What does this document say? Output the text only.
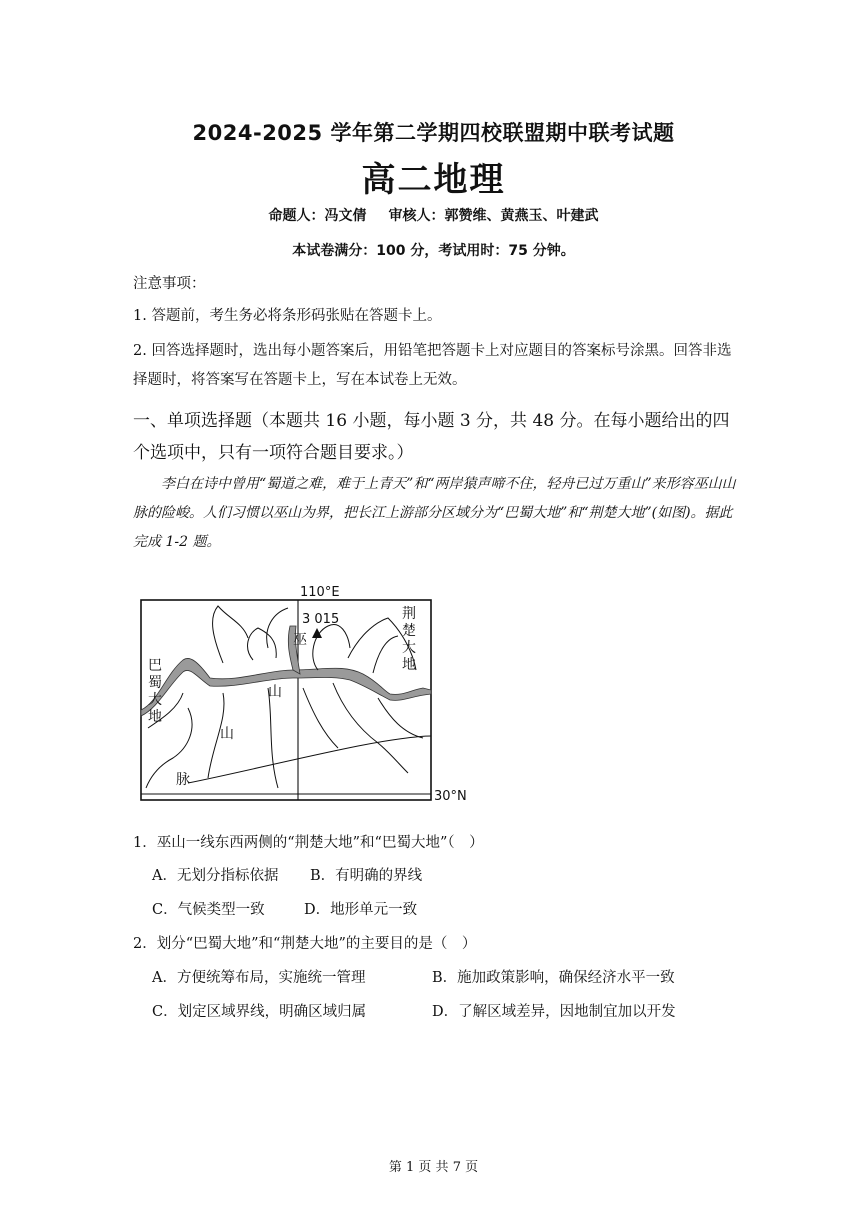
2024-2025 学年第二学期四校联盟期中联考试题
高二地理
命题人：冯文倩 审核人：郭赞维、黄燕玉、叶建武
本试卷满分：100 分，考试用时：75 分钟。
注意事项：
1. 答题前，考生务必将条形码张贴在答题卡上。
2. 回答选择题时，选出每小题答案后，用铅笔把答题卡上对应题目的答案标号涂黑。回答非选择题时，将答案写在答题卡上，写在本试卷上无效。
一、单项选择题（本题共 16 小题，每小题 3 分，共 48 分。在每小题给出的四个选项中，只有一项符合题目要求。）
李白在诗中曾用“蜀道之难，难于上青天”和“两岸猿声啼不住，轻舟已过万重山”来形容巫山山脉的险峻。人们习惯以巫山为界，把长江上游部分区域分为“巴蜀大地”和“荆楚大地”(如图)。据此完成 1-2 题。
110°E
30°N
3 015
巫
山
山
脉
巴
蜀
大
地
荆
楚
大
地
1．巫山一线东西两侧的“荆楚大地”和“巴蜀大地”（　）
A．无划分指标依据 B．有明确的界线
C．气候类型一致	D．地形单元一致
2．划分“巴蜀大地”和“荆楚大地”的主要目的是（　）
A．方便统筹布局，实施统一管理	B．施加政策影响，确保经济水平一致
C．划定区域界线，明确区域归属	D．了解区域差异，因地制宜加以开发
第 1 页 共 7 页
